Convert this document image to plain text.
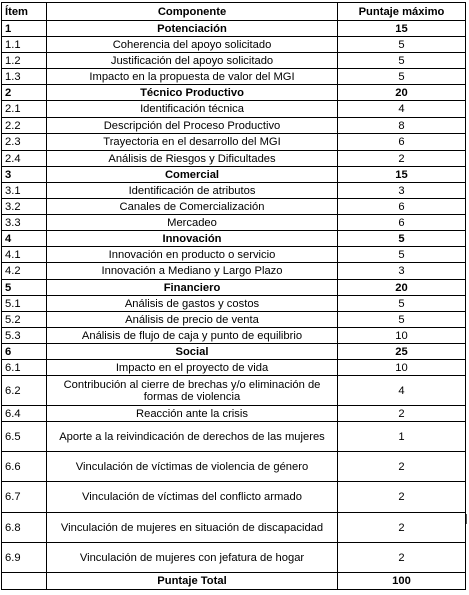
Ítem	Componente	Puntaje máximo
1	Potenciación	15
1.1	Coherencia del apoyo solicitado	5
1.2	Justificación del apoyo solicitado	5
1.3	Impacto en la propuesta de valor del MGI	5
2	Técnico Productivo	20
2.1	Identificación técnica	4
2.2	Descripción del Proceso Productivo	8
2.3	Trayectoria en el desarrollo del MGI	6
2.4	Análisis de Riesgos y Dificultades	2
3	Comercial	15
3.1	Identificación de atributos	3
3.2	Canales de Comercialización	6
3.3	Mercadeo	6
4	Innovación	5
4.1	Innovación en producto o servicio	5
4.2	Innovación a Mediano y Largo Plazo	3
5	Financiero	20
5.1	Análisis de gastos y costos	5
5.2	Análisis de precio de venta	5
5.3	Análisis de flujo de caja y punto de equilibrio	10
6	Social	25
6.1	Impacto en el proyecto de vida	10
6.2	Contribución al cierre de brechas y/o eliminación de formas de violencia	4
6.4	Reacción ante la crisis	2
6.5	Aporte a la reivindicación de derechos de las mujeres	1
6.6	Vinculación de víctimas de violencia de género	2
6.7	Vinculación de víctimas del conflicto armado	2
6.8	Vinculación de mujeres en situación de discapacidad	2
6.9	Vinculación de mujeres con jefatura de hogar	2
	Puntaje Total	100
